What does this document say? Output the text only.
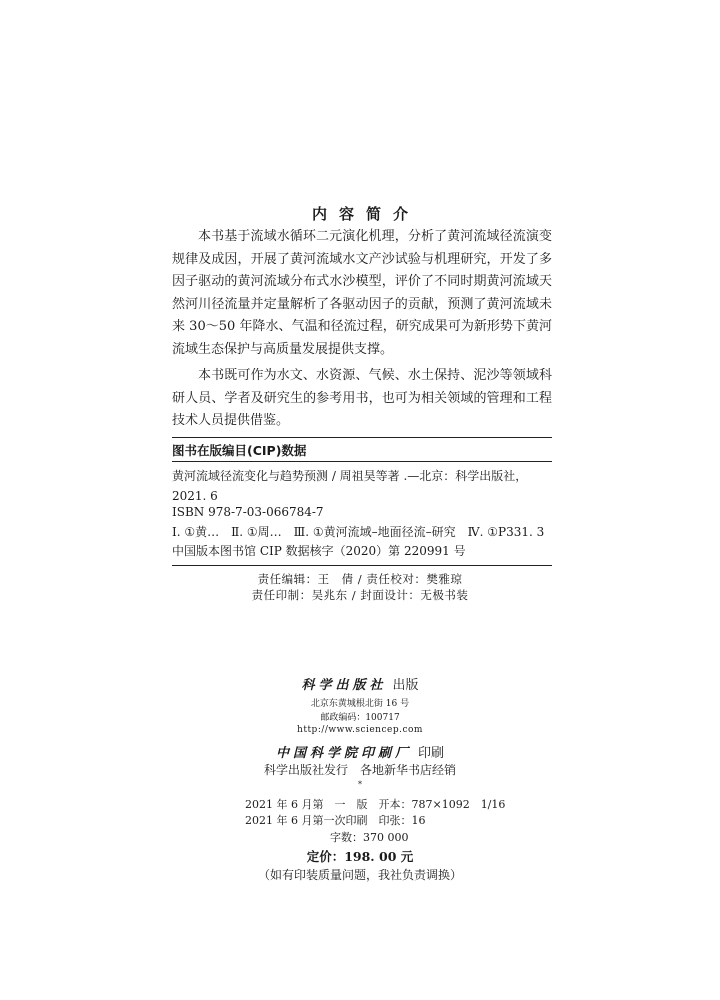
内容简介
本书基于流域水循环二元演化机理，分析了黄河流域径流演变规律及成因，开展了黄河流域水文产沙试验与机理研究，开发了多因子驱动的黄河流域分布式水沙模型，评价了不同时期黄河流域天然河川径流量并定量解析了各驱动因子的贡献，预测了黄河流域未来 30～50 年降水、气温和径流过程，研究成果可为新形势下黄河流域生态保护与高质量发展提供支撑。
本书既可作为水文、水资源、气候、水土保持、泥沙等领域科研人员、学者及研究生的参考用书，也可为相关领域的管理和工程技术人员提供借鉴。
图书在版编目(CIP)数据
黄河流域径流变化与趋势预测 / 周祖昊等著 .—北京：科学出版社，2021. 6
ISBN 978-7-03-066784-7
Ⅰ. ①黄…　Ⅱ. ①周…　Ⅲ. ①黄河流域–地面径流–研究　Ⅳ. ①P331. 3
中国版本图书馆 CIP 数据核字（2020）第 220991 号
责任编辑：王　倩 / 责任校对：樊雅琼
责任印制：吴兆东 / 封面设计：无极书装
科学出版社 出版
北京东黄城根北街 16 号
邮政编码：100717
http://www.sciencep.com
中国科学院印刷厂 印刷
科学出版社发行　各地新华书店经销
*
2021 年 6 月第　一　版　开本：787×1092　1/16
2021 年 6 月第一次印刷　印张：16
字数：370 000
定价：198. 00 元
（如有印装质量问题，我社负责调换）
